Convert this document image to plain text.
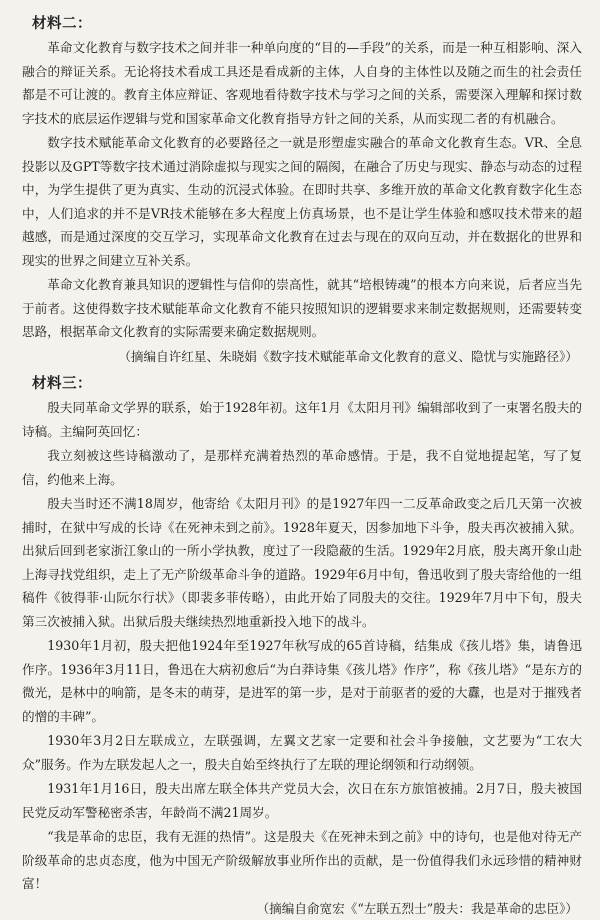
材料二：

革命文化教育与数字技术之间并非一种单向度的“目的—手段”的关系，而是一种互相影响、深入融合的辩证关系。无论将技术看成工具还是看成新的主体，人自身的主体性以及随之而生的社会责任都是不可让渡的。教育主体应辩证、客观地看待数字技术与学习之间的关系，需要深入理解和探讨数字技术的底层运作逻辑与党和国家革命文化教育指导方针之间的关系，从而实现二者的有机融合。

数字技术赋能革命文化教育的必要路径之一就是形塑虚实融合的革命文化教育生态。VR、全息投影以及GPT等数字技术通过消除虚拟与现实之间的隔阂，在融合了历史与现实、静态与动态的过程中，为学生提供了更为真实、生动的沉浸式体验。在即时共享、多维开放的革命文化教育数字化生态中，人们追求的并不是VR技术能够在多大程度上仿真场景，也不是让学生体验和感叹技术带来的超越感，而是通过深度的交互学习，实现革命文化教育在过去与现在的双向互动，并在数据化的世界和现实的世界之间建立互补关系。

革命文化教育兼具知识的逻辑性与信仰的崇高性，就其“培根铸魂”的根本方向来说，后者应当先于前者。这使得数字技术赋能革命文化教育不能只按照知识的逻辑要求来制定数据规则，还需要转变思路，根据革命文化教育的实际需要来确定数据规则。

（摘编自许红星、朱晓娟《数字技术赋能革命文化教育的意义、隐忧与实施路径》）
材料三：

殷夫同革命文学界的联系，始于1928年初。这年1月《太阳月刊》编辑部收到了一束署名殷夫的诗稿。主编阿英回忆：

我立刻被这些诗稿激动了，是那样充满着热烈的革命感情。于是，我不自觉地提起笔，写了复信，约他来上海。

殷夫当时还不满18周岁，他寄给《太阳月刊》的是1927年四一二反革命政变之后几天第一次被捕时，在狱中写成的长诗《在死神未到之前》。1928年夏天，因参加地下斗争，殷夫再次被捕入狱。出狱后回到老家浙江象山的一所小学执教，度过了一段隐蔽的生活。1929年2月底，殷夫离开象山赴上海寻找党组织，走上了无产阶级革命斗争的道路。1929年6月中旬，鲁迅收到了殷夫寄给他的一组稿件《彼得菲·山阮尔行状》（即裴多菲传略），由此开始了同殷夫的交往。1929年7月中下旬，殷夫第三次被捕入狱。出狱后殷夫继续热烈地重新投入地下的战斗。

1930年1月初，殷夫把他1924年至1927年秋写成的65首诗稿，结集成《孩儿塔》集，请鲁迅作序。1936年3月11日，鲁迅在大病初愈后“为白莽诗集《孩儿塔》作序”，称《孩儿塔》“是东方的微光，是林中的响箭，是冬末的萌芽，是进军的第一步，是对于前驱者的爱的大纛，也是对于摧残者的憎的丰碑”。

1930年3月2日左联成立，左联强调，左翼文艺家一定要和社会斗争接触，文艺要为“工农大众”服务。作为左联发起人之一，殷夫自始至终执行了左联的理论纲领和行动纲领。

1931年1月16日，殷夫出席左联全体共产党员大会，次日在东方旅馆被捕。2月7日，殷夫被国民党反动军警秘密杀害，年龄尚不满21周岁。

“我是革命的忠臣，我有无涯的热情”。这是殷夫《在死神未到之前》中的诗句，也是他对待无产阶级革命的忠贞态度，他为中国无产阶级解放事业所作出的贡献，是一份值得我们永远珍惜的精神财富！

（摘编自俞宽宏《“左联五烈士”殷夫：我是革命的忠臣》）
